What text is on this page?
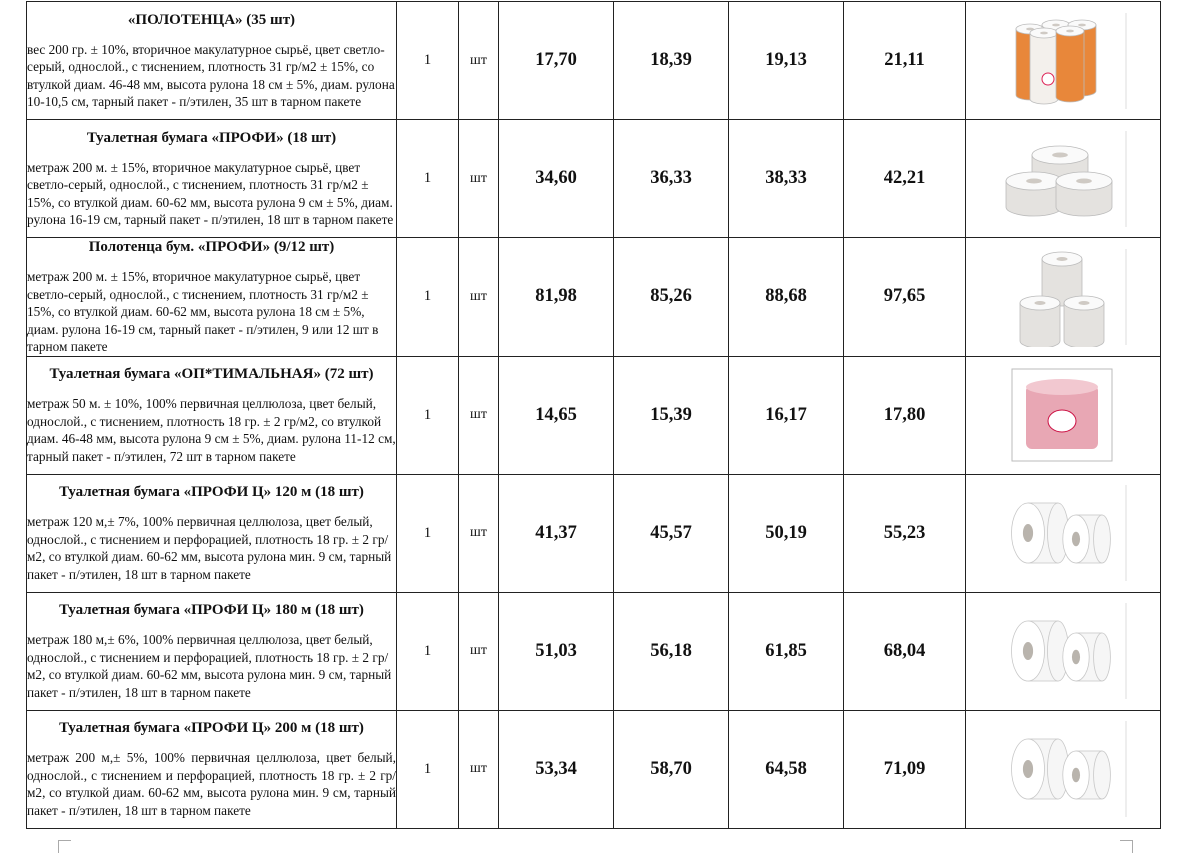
«ПОЛОТЕНЦА» (35 шт)
вес 200 гр. ± 10%, вторичное макулатурное сырьё, цвет светло-серый, однослой., с тиснением, плотность 31 гр/м2 ± 15%, со втулкой диам. 46-48 мм, высота рулона 18 см ± 5%, диам. рулона 10-10,5 см, тарный пакет - п/этилен, 35 шт в тарном пакете	1	шт	17,70	18,39	19,13	21,11	

Туалетная бумага «ПРОФИ» (18 шт)
метраж 200 м. ± 15%, вторичное макулатурное сырьё, цвет светло-серый, однослой., с тиснением, плотность 31 гр/м2 ± 15%, со втулкой диам. 60-62 мм, высота рулона 9 см ± 5%, диам. рулона 16-19 см, тарный пакет - п/этилен, 18 шт в тарном пакете	1	шт	34,60	36,33	38,33	42,21	

Полотенца бум. «ПРОФИ» (9/12 шт)
метраж 200 м. ± 15%, вторичное макулатурное сырьё, цвет светло-серый, однослой., с тиснением, плотность 31 гр/м2 ± 15%, со втулкой диам. 60-62 мм, высота рулона 18 см ± 5%, диам. рулона 16-19 см, тарный пакет - п/этилен, 9 или 12 шт в тарном пакете	1	шт	81,98	85,26	88,68	97,65	

Туалетная бумага «ОП*ТИМАЛЬНАЯ» (72 шт)
метраж 50 м. ± 10%, 100% первичная целлюлоза, цвет белый, однослой., с тиснением, плотность 18 гр. ± 2 гр/м2, со втулкой диам. 46-48 мм, высота рулона 9 см ± 5%, диам. рулона 11-12 см, тарный пакет - п/этилен, 72 шт в тарном пакете	1	шт	14,65	15,39	16,17	17,80	

Туалетная бумага «ПРОФИ Ц» 120 м (18 шт)
метраж 120 м,± 7%, 100% первичная целлюлоза, цвет белый, однослой., с тиснением и перфорацией, плотность 18 гр. ± 2 гр/м2, со втулкой диам. 60-62 мм, высота рулона мин. 9 см, тарный пакет - п/этилен, 18 шт в тарном пакете	1	шт	41,37	45,57	50,19	55,23	

Туалетная бумага «ПРОФИ Ц» 180 м (18 шт)
метраж 180 м,± 6%, 100% первичная целлюлоза, цвет белый, однослой., с тиснением и перфорацией, плотность 18 гр. ± 2 гр/м2, со втулкой диам. 60-62 мм, высота рулона мин. 9 см, тарный пакет - п/этилен, 18 шт в тарном пакете	1	шт	51,03	56,18	61,85	68,04	

Туалетная бумага «ПРОФИ Ц» 200 м (18 шт)
метраж 200 м,± 5%, 100% первичная целлюлоза, цвет белый, однослой., с тиснением и перфорацией, плотность 18 гр. ± 2 гр/м2, со втулкой диам. 60-62 мм, высота рулона мин. 9 см, тарный пакет - п/этилен, 18 шт в тарном пакете	1	шт	53,34	58,70	64,58	71,09	
